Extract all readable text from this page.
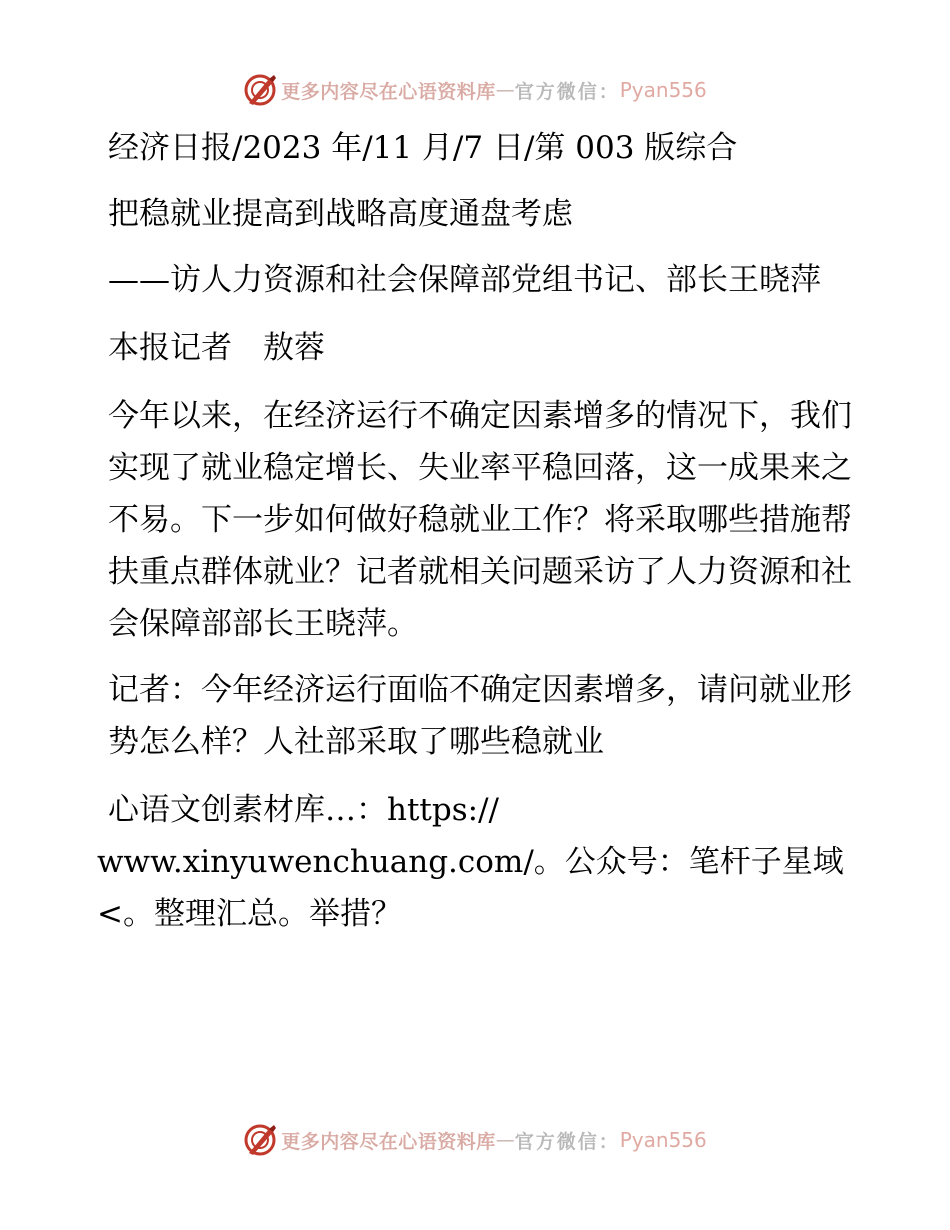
更多内容尽在心语资料库 — 官方微信： Pyan556

经济日报/2023 年/11 月/7 日/第 003 版综合

把稳就业提高到战略高度通盘考虑

——访人力资源和社会保障部党组书记、部长王晓萍

本报记者　敖蓉

今年以来，在经济运行不确定因素增多的情况下，我们实现了就业稳定增长、失业率平稳回落，这一成果来之不易。下一步如何做好稳就业工作？将采取哪些措施帮扶重点群体就业？记者就相关问题采访了人力资源和社会保障部部长王晓萍。

记者：今年经济运行面临不确定因素增多，请问就业形势怎么样？人社部采取了哪些稳就业

心语文创素材库…：https://

www.xinyuwenchuang.com/。公众号：笔杆子星域

<。整理汇总。举措？

更多内容尽在心语资料库 — 官方微信： Pyan556
